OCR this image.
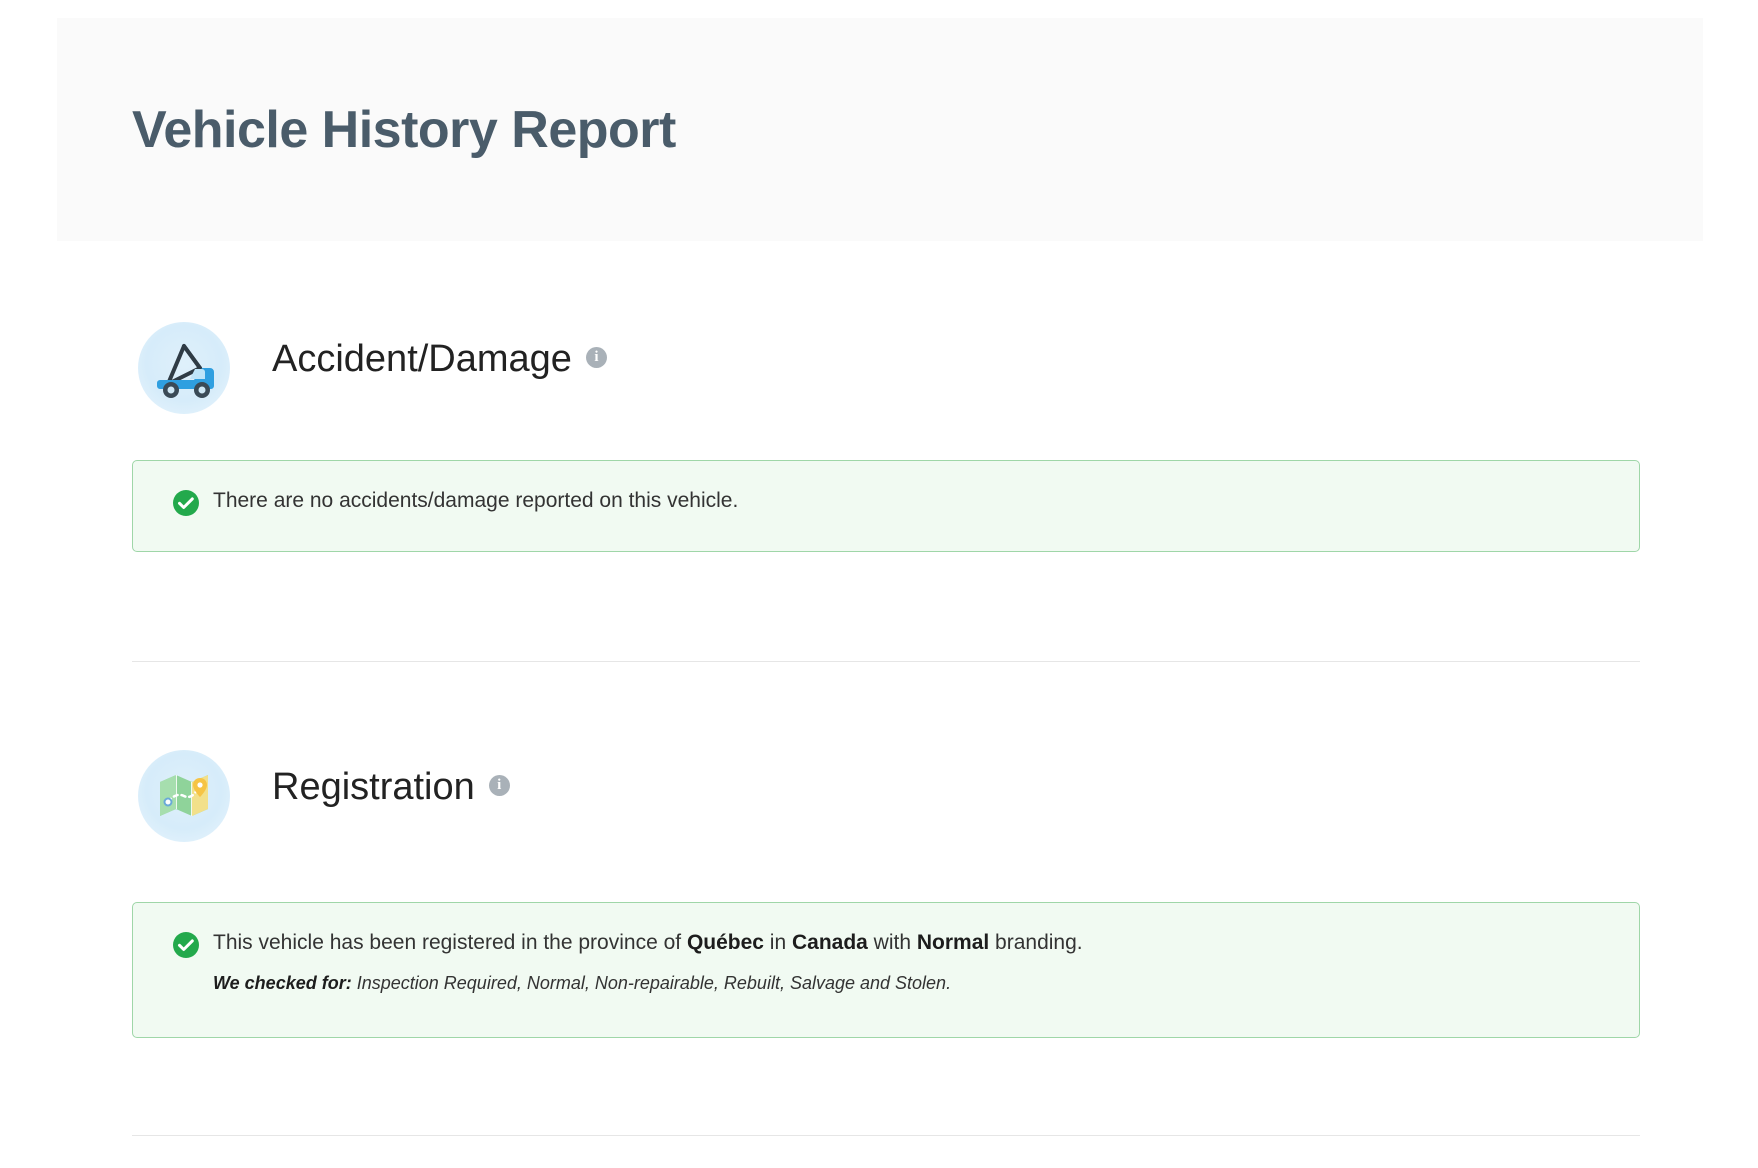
Vehicle History Report
Accident/Damage i
There are no accidents/damage reported on this vehicle.
Registration i
This vehicle has been registered in the province of Québec in Canada with Normal branding.
We checked for: Inspection Required, Normal, Non-repairable, Rebuilt, Salvage and Stolen.
